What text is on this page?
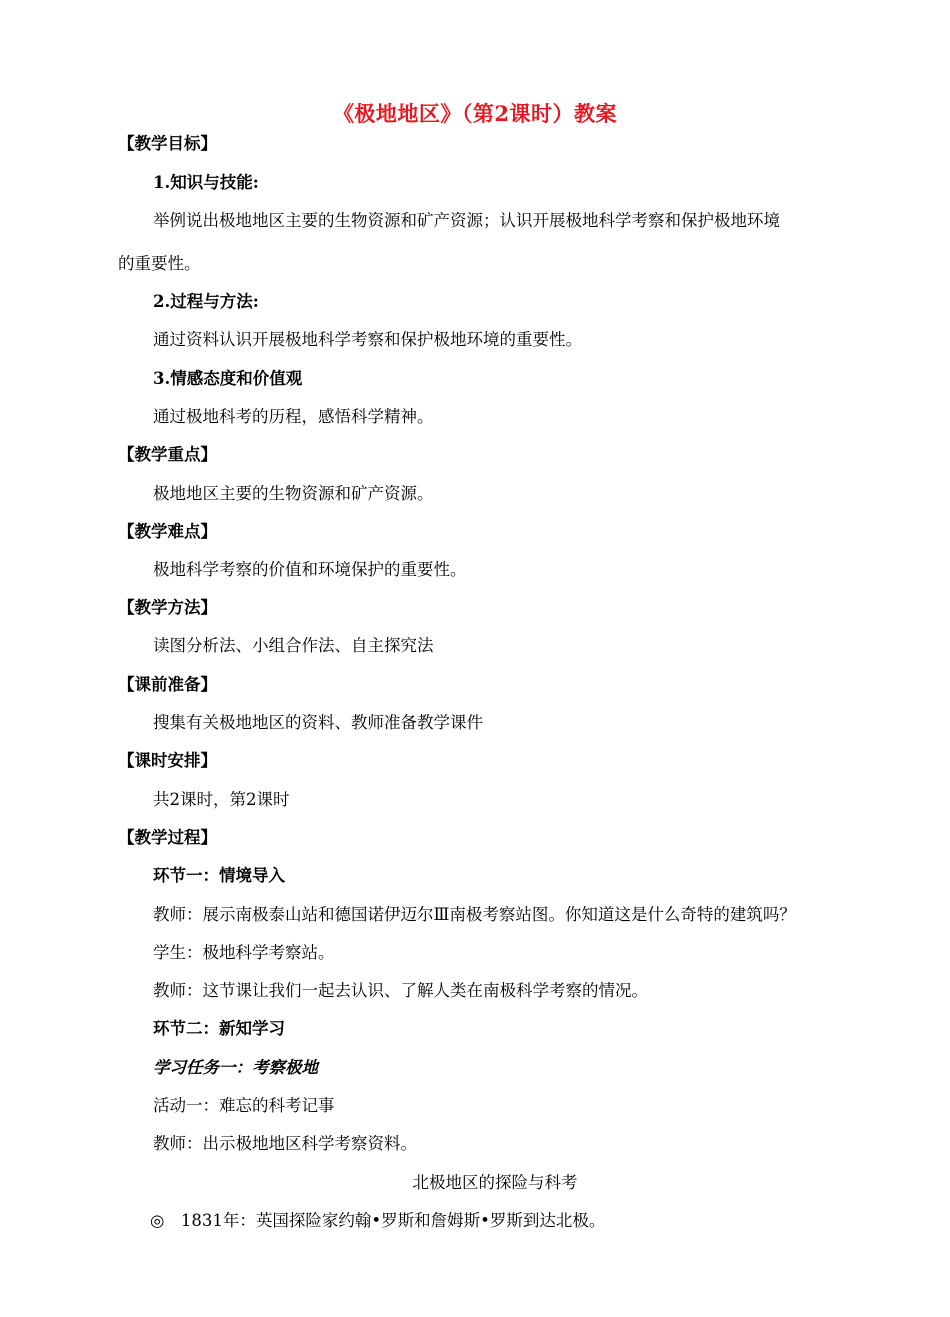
《极地地区》（第2课时）教案
【教学目标】
1.知识与技能:
举例说出极地地区主要的生物资源和矿产资源；认识开展极地科学考察和保护极地环境
的重要性。
2.过程与方法:
通过资料认识开展极地科学考察和保护极地环境的重要性。
3.情感态度和价值观
通过极地科考的历程，感悟科学精神。
【教学重点】
极地地区主要的生物资源和矿产资源。
【教学难点】
极地科学考察的价值和环境保护的重要性。
【教学方法】
读图分析法、小组合作法、自主探究法
【课前准备】
搜集有关极地地区的资料、教师准备教学课件
【课时安排】
共2课时，第2课时
【教学过程】
环节一：情境导入
教师：展示南极泰山站和德国诺伊迈尔Ⅲ南极考察站图。你知道这是什么奇特的建筑吗？
学生：极地科学考察站。
教师：这节课让我们一起去认识、了解人类在南极科学考察的情况。
环节二：新知学习
学习任务一：考察极地
活动一：难忘的科考记事
教师：出示极地地区科学考察资料。
北极地区的探险与科考
◎　1831年：英国探险家约翰•罗斯和詹姆斯•罗斯到达北极。
